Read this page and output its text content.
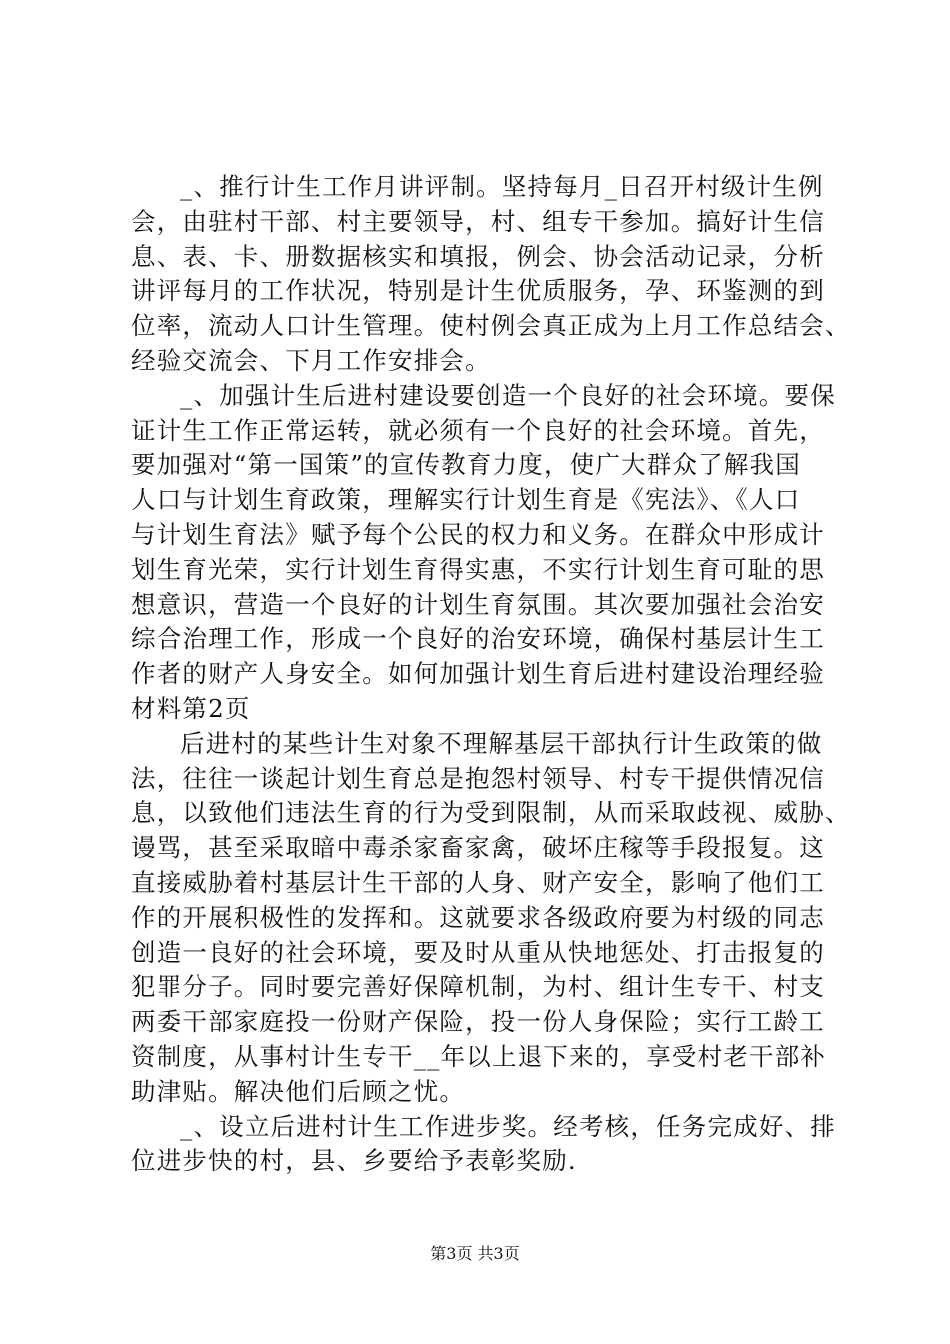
_、推行计生工作月讲评制。坚持每月_日召开村级计生例
会，由驻村干部、村主要领导，村、组专干参加。搞好计生信
息、表、卡、册数据核实和填报，例会、协会活动记录，分析
讲评每月的工作状况，特别是计生优质服务，孕、环鉴测的到
位率，流动人口计生管理。使村例会真正成为上月工作总结会、
经验交流会、下月工作安排会。
_、加强计生后进村建设要创造一个良好的社会环境。要保
证计生工作正常运转，就必须有一个良好的社会环境。首先，
要加强对“第一国策”的宣传教育力度，使广大群众了解我国
人口与计划生育政策，理解实行计划生育是《宪法》、《人口
与计划生育法》赋予每个公民的权力和义务。在群众中形成计
划生育光荣，实行计划生育得实惠，不实行计划生育可耻的思
想意识，营造一个良好的计划生育氛围。其次要加强社会治安
综合治理工作，形成一个良好的治安环境，确保村基层计生工
作者的财产人身安全。如何加强计划生育后进村建设治理经验
材料第2页
后进村的某些计生对象不理解基层干部执行计生政策的做
法，往往一谈起计划生育总是抱怨村领导、村专干提供情况信
息，以致他们违法生育的行为受到限制，从而采取歧视、威胁、
谩骂，甚至采取暗中毒杀家畜家禽，破坏庄稼等手段报复。这
直接威胁着村基层计生干部的人身、财产安全，影响了他们工
作的开展积极性的发挥和。这就要求各级政府要为村级的同志
创造一良好的社会环境，要及时从重从快地惩处、打击报复的
犯罪分子。同时要完善好保障机制，为村、组计生专干、村支
两委干部家庭投一份财产保险，投一份人身保险；实行工龄工
资制度，从事村计生专干__年以上退下来的，享受村老干部补
助津贴。解决他们后顾之忧。
_、设立后进村计生工作进步奖。经考核，任务完成好、排
位进步快的村，县、乡要给予表彰奖励.
第3页 共3页
